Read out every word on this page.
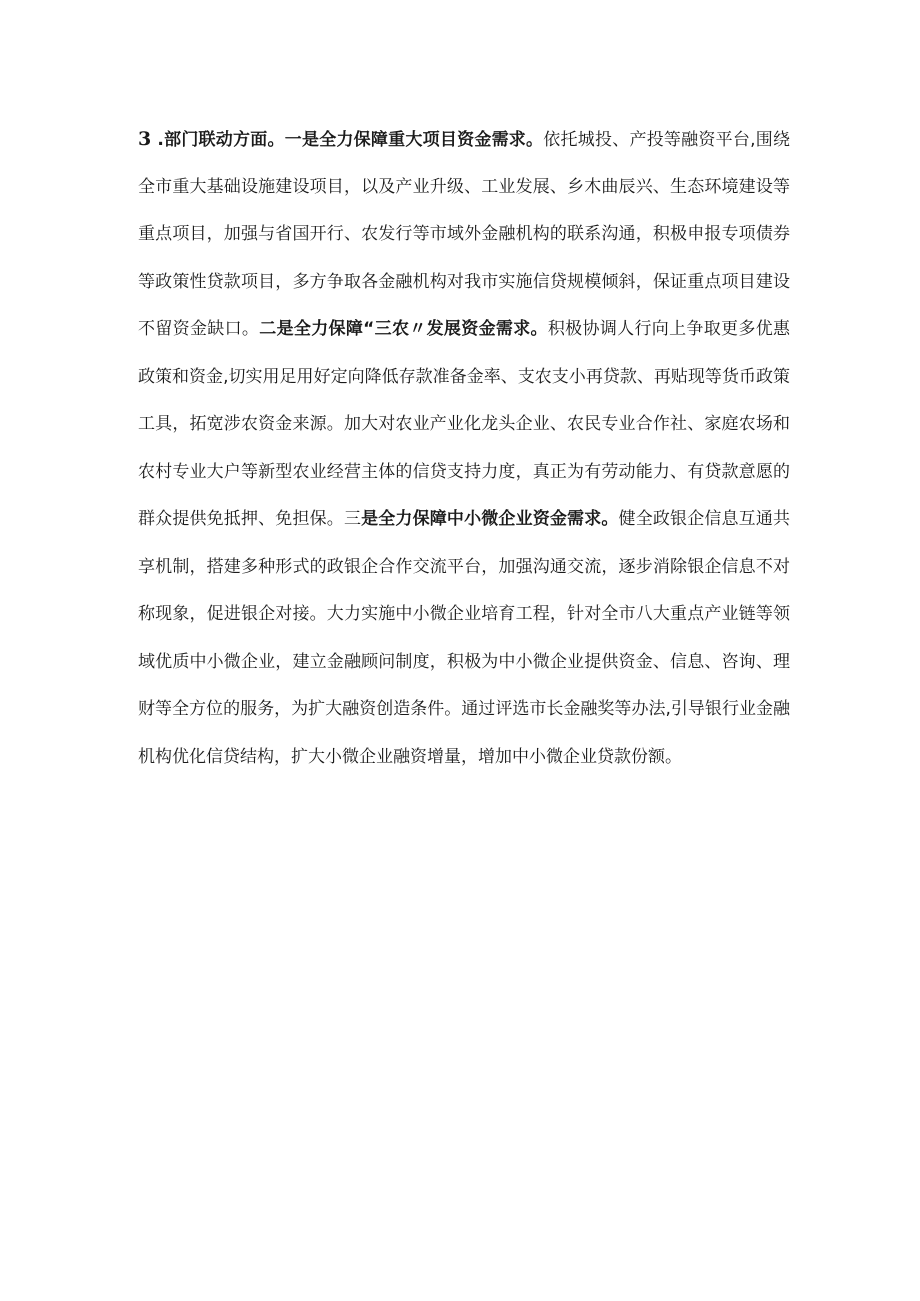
3 .部门联动方面。一是全力保障重大项目资金需求。依托城投、产投等融资平台,围绕
全市重大基础设施建设项目，以及产业升级、工业发展、乡木曲辰兴、生态环境建设等
重点项目，加强与省国开行、农发行等市域外金融机构的联系沟通，积极申报专项债券
等政策性贷款项目，多方争取各金融机构对我市实施信贷规模倾斜，保证重点项目建设
不留资金缺口。二是全力保障“三农〃发展资金需求。积极协调人行向上争取更多优惠
政策和资金,切实用足用好定向降低存款准备金率、支农支小再贷款、再贴现等货币政策
工具，拓宽涉农资金来源。加大对农业产业化龙头企业、农民专业合作社、家庭农场和
农村专业大户等新型农业经营主体的信贷支持力度，真正为有劳动能力、有贷款意愿的
群众提供免抵押、免担保。三是全力保障中小微企业资金需求。健全政银企信息互通共
享机制，搭建多种形式的政银企合作交流平台，加强沟通交流，逐步消除银企信息不对
称现象，促进银企对接。大力实施中小微企业培育工程，针对全市八大重点产业链等领
域优质中小微企业，建立金融顾问制度，积极为中小微企业提供资金、信息、咨询、理
财等全方位的服务，为扩大融资创造条件。通过评选市长金融奖等办法,引导银行业金融
机构优化信贷结构，扩大小微企业融资增量，增加中小微企业贷款份额。
